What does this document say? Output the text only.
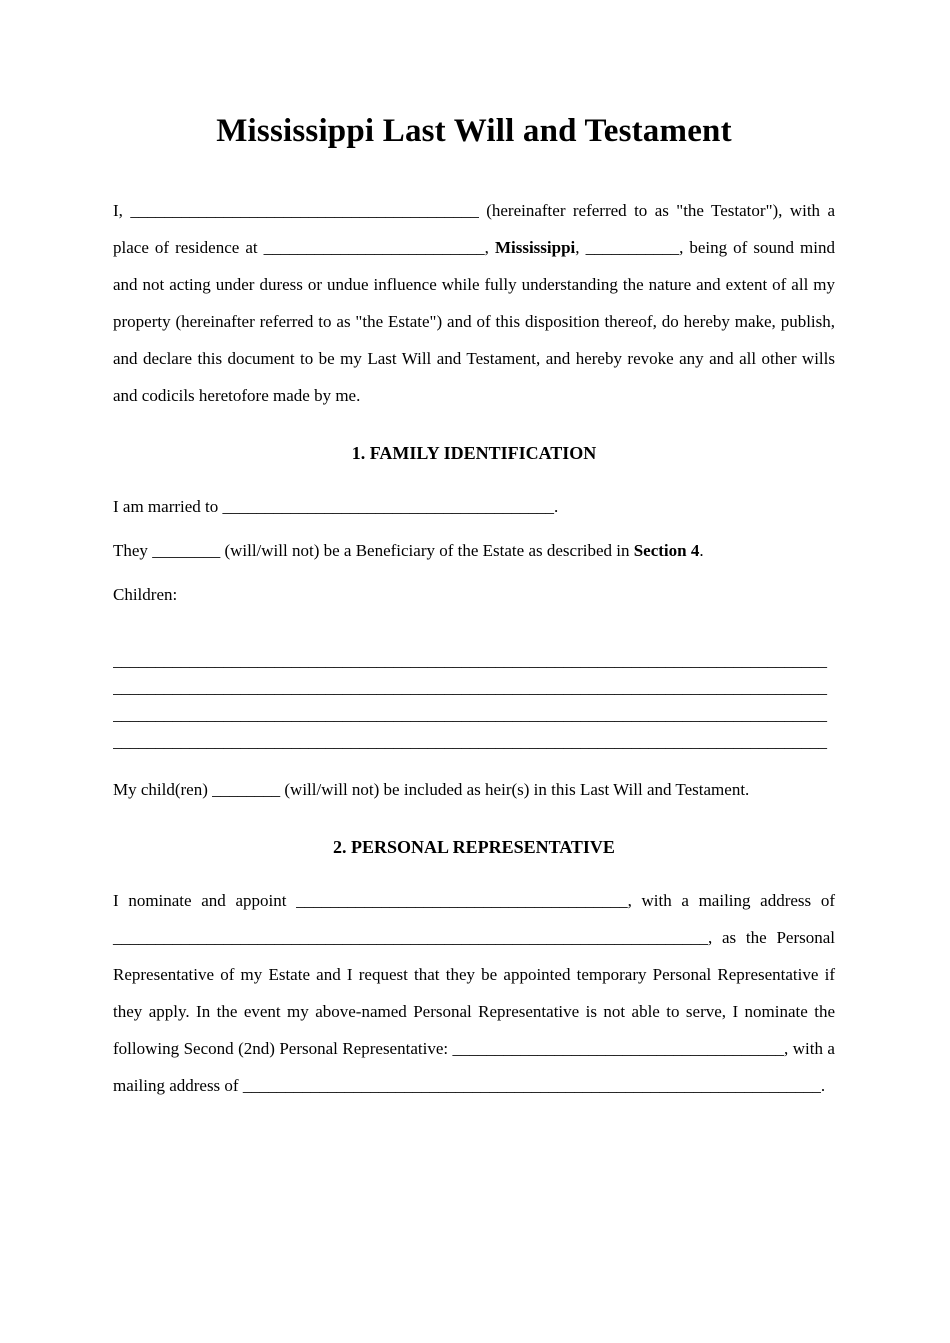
Mississippi Last Will and Testament

I, _________________________________________ (hereinafter referred to as "the Testator"), with a place of residence at __________________________, Mississippi, ___________, being of sound mind and not acting under duress or undue influence while fully understanding the nature and extent of all my property (hereinafter referred to as "the Estate") and of this disposition thereof, do hereby make, publish, and declare this document to be my Last Will and Testament, and hereby revoke any and all other wills and codicils heretofore made by me.

1. FAMILY IDENTIFICATION

I am married to _______________________________________.

They ________ (will/will not) be a Beneficiary of the Estate as described in Section 4.

Children:

____________________________________________________________________________________
____________________________________________________________________________________
____________________________________________________________________________________
____________________________________________________________________________________

My child(ren) ________ (will/will not) be included as heir(s) in this Last Will and Testament.

2. PERSONAL REPRESENTATIVE

I nominate and appoint _______________________________________, with a mailing address of ______________________________________________________________________, as the Personal Representative of my Estate and I request that they be appointed temporary Personal Representative if they apply. In the event my above-named Personal Representative is not able to serve, I nominate the following Second (2nd) Personal Representative: _______________________________________, with a mailing address of ____________________________________________________________________.
